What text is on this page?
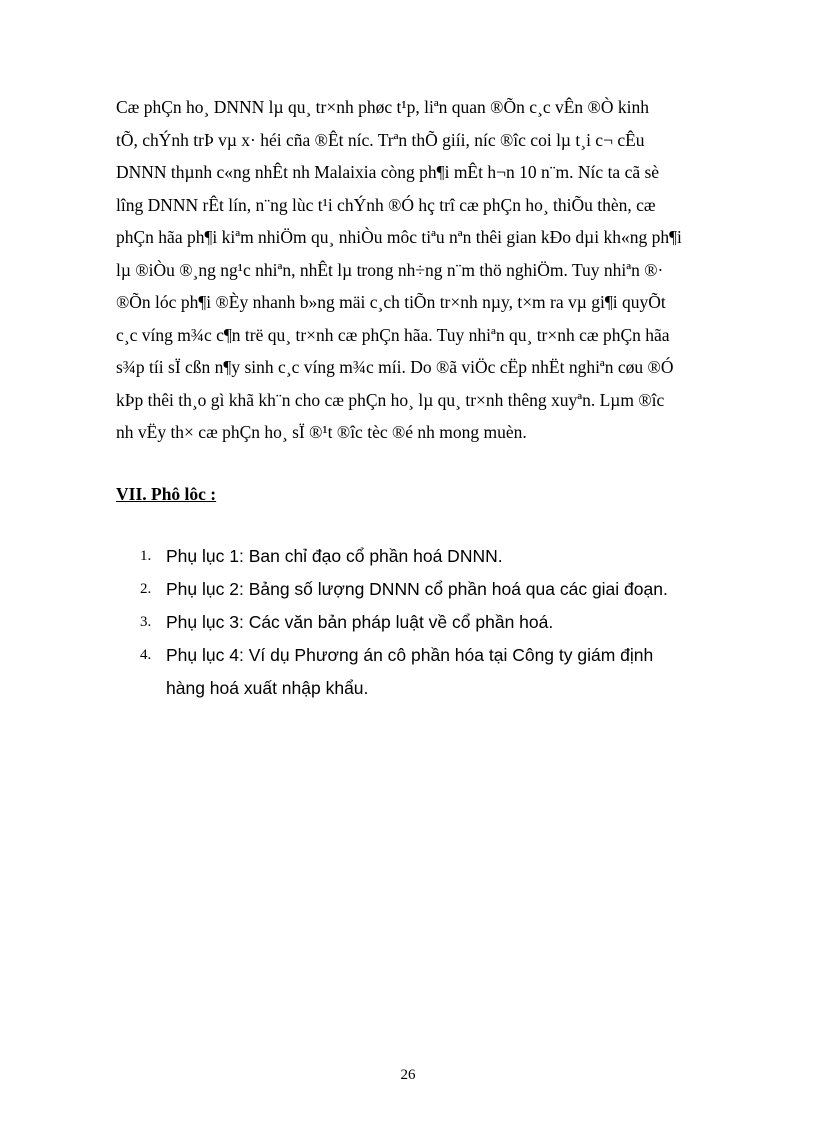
Cæ phÇn ho¸ DNNN lµ qu¸ tr×nh phøc t¹p, liªn quan ®Õn c¸c vÊn ®Ò kinh
tÕ, chÝnh trÞ vµ x· héi cña ®Êt níc. Trªn thÕ giíi, níc ®îc coi lµ t¸i c¬ cÊu
DNNN thµnh c«ng nhÊt nh Malaixia còng ph¶i mÊt h¬n 10 n¨m. Níc ta cã sè
lîng DNNN rÊt lín, n¨ng lùc t¹i chÝnh ®Ó hç trî cæ phÇn ho¸ thiÕu thèn, cæ
phÇn hãa ph¶i kiªm nhiÖm qu¸ nhiÒu môc tiªu nªn thêi gian kÐo dµi kh«ng ph¶i
lµ ®iÒu ®¸ng ng¹c nhiªn, nhÊt lµ trong nh÷ng n¨m thö nghiÖm. Tuy nhiªn ®·
®Õn lóc ph¶i ®Èy nhanh b»ng mäi c¸ch tiÕn tr×nh nµy, t×m ra vµ gi¶i quyÕt
c¸c víng m¾c c¶n trë qu¸ tr×nh cæ phÇn hãa. Tuy nhiªn qu¸ tr×nh cæ phÇn hãa
s¾p tíi sÏ cßn n¶y sinh c¸c víng m¾c míi. Do ®ã viÖc cËp nhËt nghiªn cøu ®Ó
kÞp thêi th¸o gì khã kh¨n cho cæ phÇn ho¸ lµ qu¸ tr×nh thêng xuyªn. Lµm ®îc
nh vËy th× cæ phÇn ho¸ sÏ ®¹t ®îc tèc ®é nh mong muèn.

VII. Phô lôc :
1. Phụ lục 1: Ban chỉ đạo cổ phần hoá DNNN.
2. Phụ lục 2: Bảng số lượng DNNN cổ phần hoá qua các giai đoạn.
3. Phụ lục 3: Các văn bản pháp luật về cổ phần hoá.
4. Phụ lục 4: Ví dụ Phương án cô phần hóa tại Công ty giám định
hàng hoá xuất nhập khẩu.
26
